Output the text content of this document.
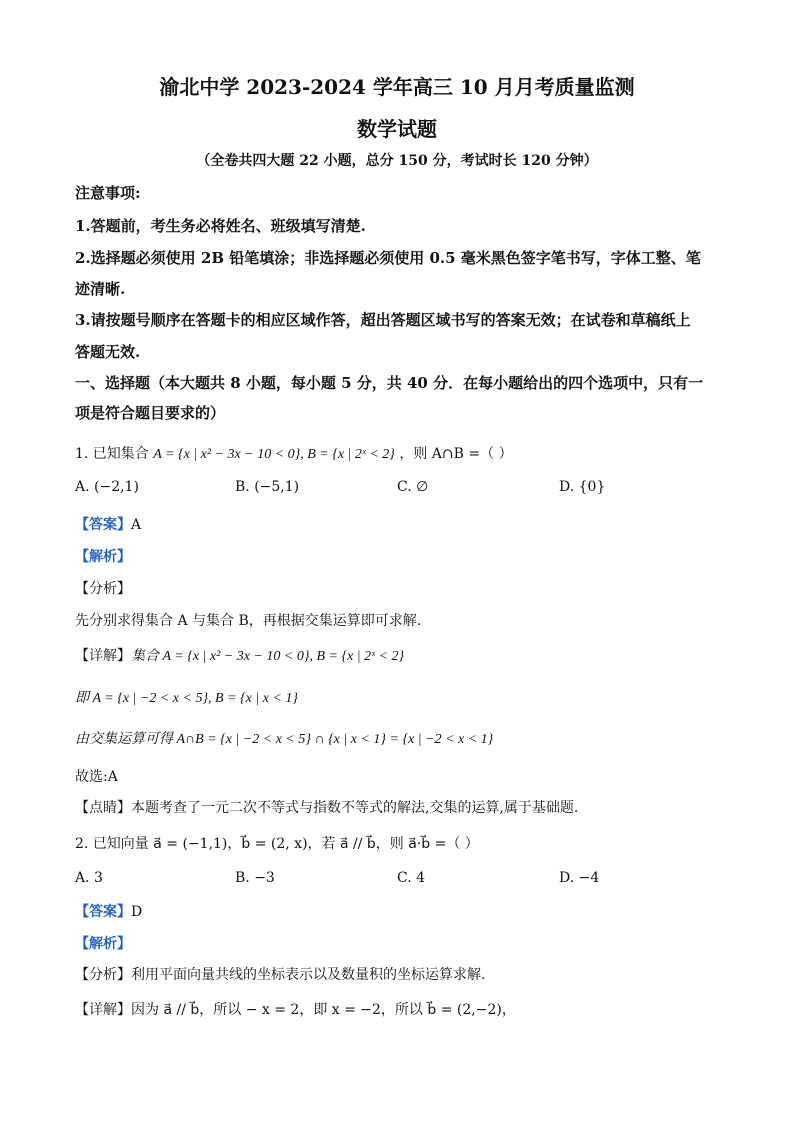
渝北中学 2023-2024 学年高三 10 月月考质量监测
数学试题
（全卷共四大题 22 小题，总分 150 分，考试时长 120 分钟）
注意事项:
1.答题前，考生务必将姓名、班级填写清楚.
2.选择题必须使用 2B 铅笔填涂；非选择题必须使用 0.5 毫米黑色签字笔书写，字体工整、笔
迹清晰.
3.请按题号顺序在答题卡的相应区域作答，超出答题区域书写的答案无效；在试卷和草稿纸上
答题无效.
一、选择题（本大题共 8 小题，每小题 5 分，共 40 分．在每小题给出的四个选项中，只有一
项是符合题目要求的）
1. 已知集合 A = {x | x² − 3x − 10 < 0}, B = {x | 2ˣ < 2} ，则 A∩B =（ ）
A. (−2,1)	B. (−5,1)	C. ∅	D. {0}
【答案】A
【解析】
【分析】
先分别求得集合 A 与集合 B，再根据交集运算即可求解.
【详解】集合 A = {x | x² − 3x − 10 < 0}, B = {x | 2ˣ < 2}
即 A = {x | −2 < x < 5}, B = {x | x < 1}
由交集运算可得 A∩B = {x | −2 < x < 5} ∩ {x | x < 1} = {x | −2 < x < 1}
故选:A
【点睛】本题考查了一元二次不等式与指数不等式的解法,交集的运算,属于基础题.
2. 已知向量 a⃗ = (−1,1)，b⃗ = (2, x)，若 a⃗ // b⃗，则 a⃗·b⃗ =（ ）
A. 3	B. −3	C. 4	D. −4
【答案】D
【解析】
【分析】利用平面向量共线的坐标表示以及数量积的坐标运算求解.
【详解】因为 a⃗ // b⃗，所以 − x = 2，即 x = −2，所以 b⃗ = (2,−2)，
